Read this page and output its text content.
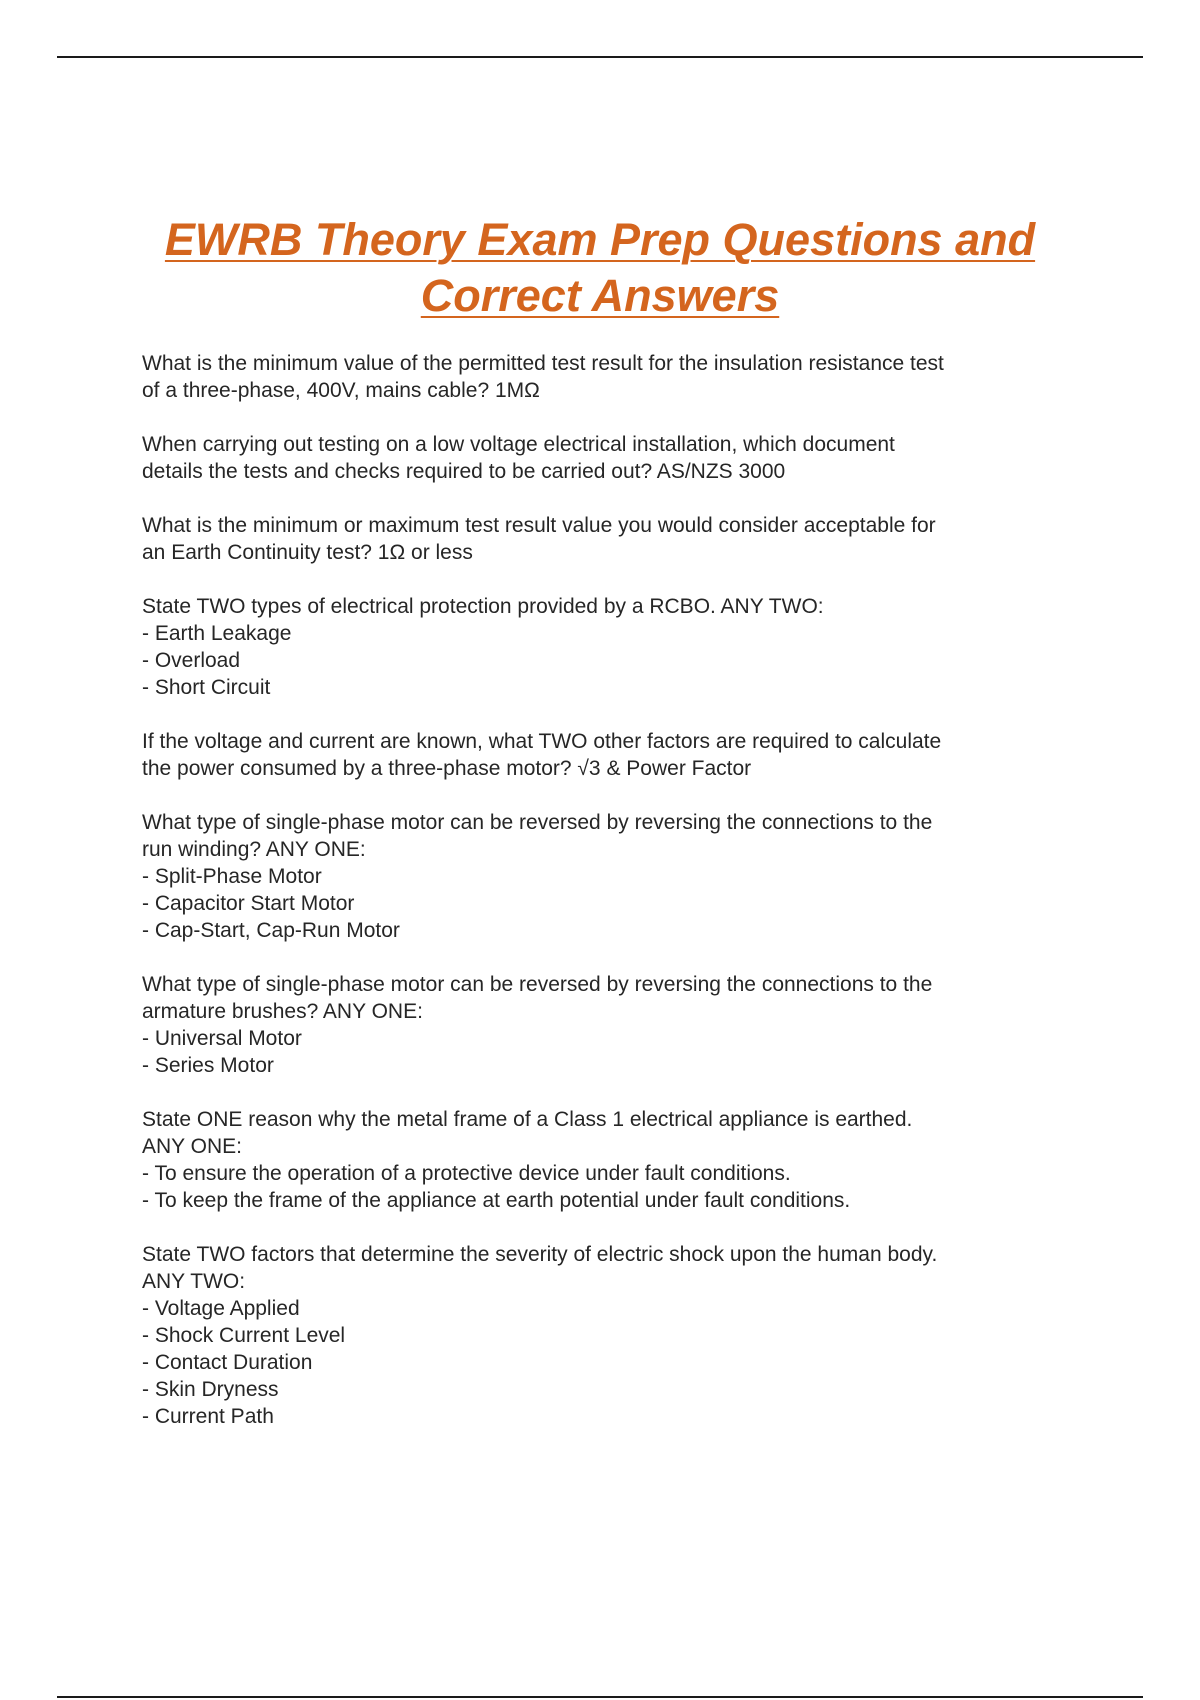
EWRB Theory Exam Prep Questions and
Correct Answers

What is the minimum value of the permitted test result for the insulation resistance test
of a three-phase, 400V, mains cable? 1MΩ

When carrying out testing on a low voltage electrical installation, which document
details the tests and checks required to be carried out? AS/NZS 3000

What is the minimum or maximum test result value you would consider acceptable for
an Earth Continuity test? 1Ω or less

State TWO types of electrical protection provided by a RCBO. ANY TWO:
- Earth Leakage
- Overload
- Short Circuit

If the voltage and current are known, what TWO other factors are required to calculate
the power consumed by a three-phase motor? √3 & Power Factor

What type of single-phase motor can be reversed by reversing the connections to the
run winding? ANY ONE:
- Split-Phase Motor
- Capacitor Start Motor
- Cap-Start, Cap-Run Motor

What type of single-phase motor can be reversed by reversing the connections to the
armature brushes? ANY ONE:
- Universal Motor
- Series Motor

State ONE reason why the metal frame of a Class 1 electrical appliance is earthed.
ANY ONE:
- To ensure the operation of a protective device under fault conditions.
- To keep the frame of the appliance at earth potential under fault conditions.

State TWO factors that determine the severity of electric shock upon the human body.
ANY TWO:
- Voltage Applied
- Shock Current Level
- Contact Duration
- Skin Dryness
- Current Path
